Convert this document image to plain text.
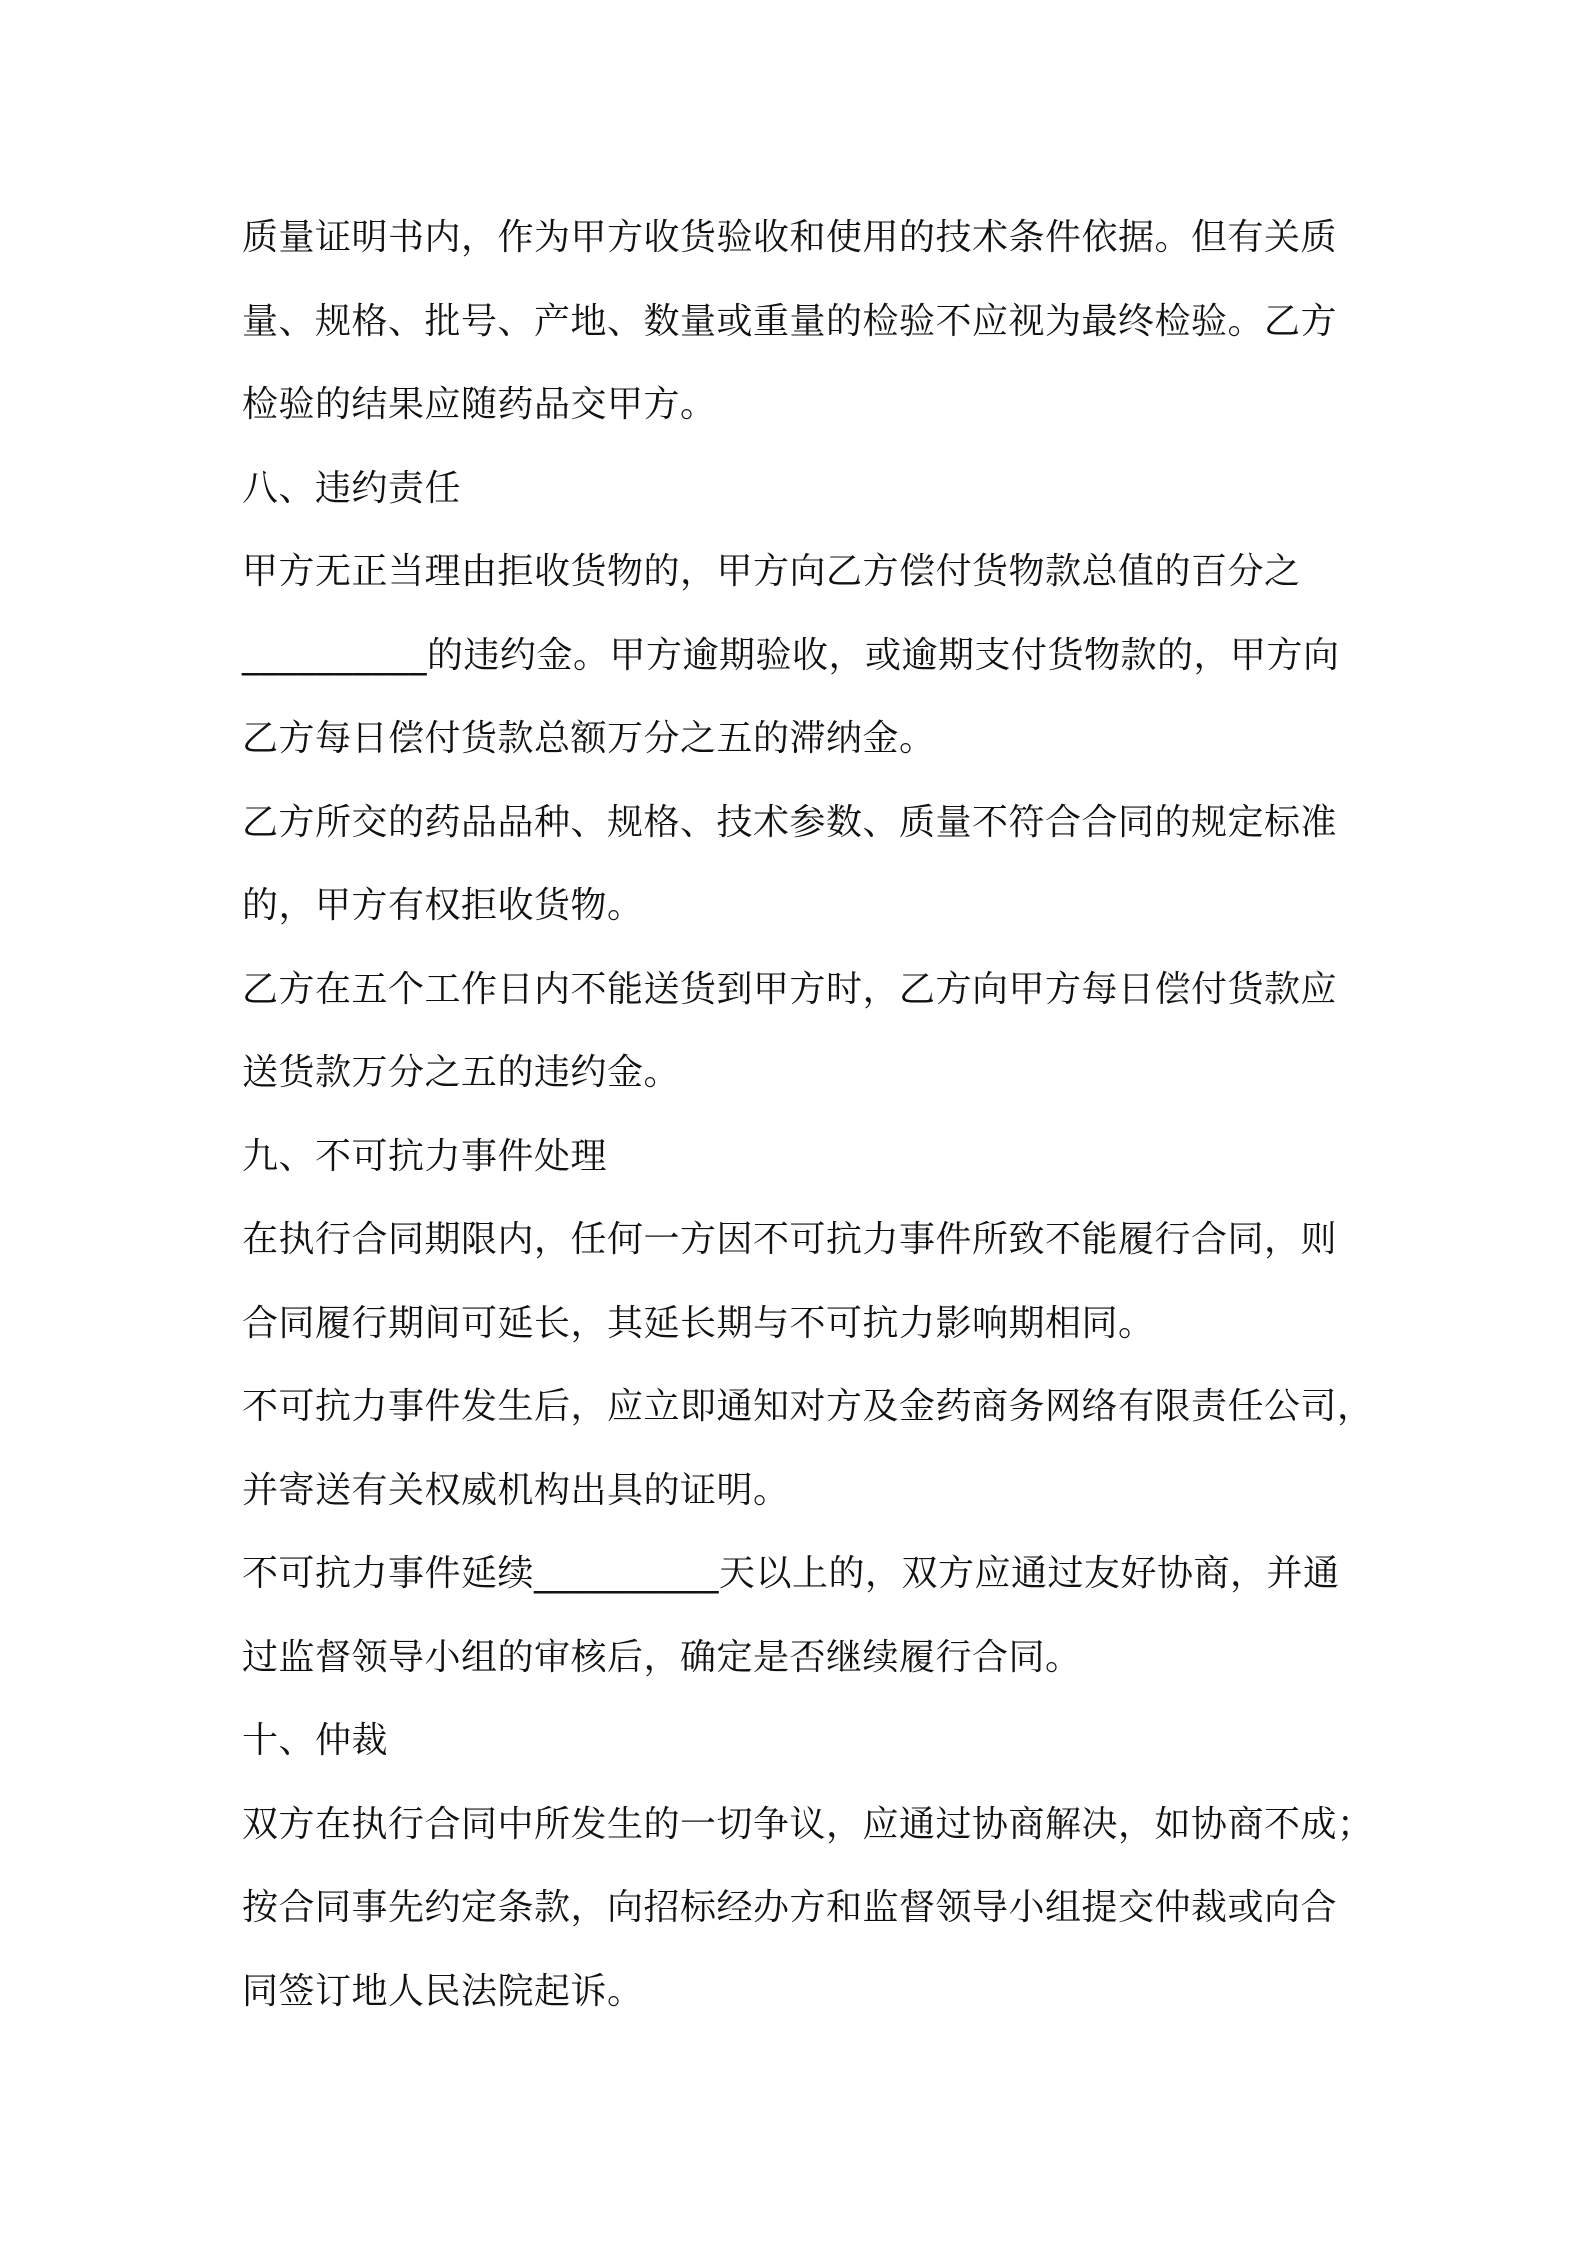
质量证明书内，作为甲方收货验收和使用的技术条件依据。但有关质
量、规格、批号、产地、数量或重量的检验不应视为最终检验。乙方
检验的结果应随药品交甲方。
八、违约责任
甲方无正当理由拒收货物的，甲方向乙方偿付货物款总值的百分之
__________的违约金。甲方逾期验收，或逾期支付货物款的，甲方向
乙方每日偿付货款总额万分之五的滞纳金。
乙方所交的药品品种、规格、技术参数、质量不符合合同的规定标准
的，甲方有权拒收货物。
乙方在五个工作日内不能送货到甲方时，乙方向甲方每日偿付货款应
送货款万分之五的违约金。
九、不可抗力事件处理
在执行合同期限内，任何一方因不可抗力事件所致不能履行合同，则
合同履行期间可延长，其延长期与不可抗力影响期相同。
不可抗力事件发生后，应立即通知对方及金药商务网络有限责任公司，
并寄送有关权威机构出具的证明。
不可抗力事件延续__________天以上的，双方应通过友好协商，并通
过监督领导小组的审核后，确定是否继续履行合同。
十、仲裁
双方在执行合同中所发生的一切争议，应通过协商解决，如协商不成；
按合同事先约定条款，向招标经办方和监督领导小组提交仲裁或向合
同签订地人民法院起诉。
